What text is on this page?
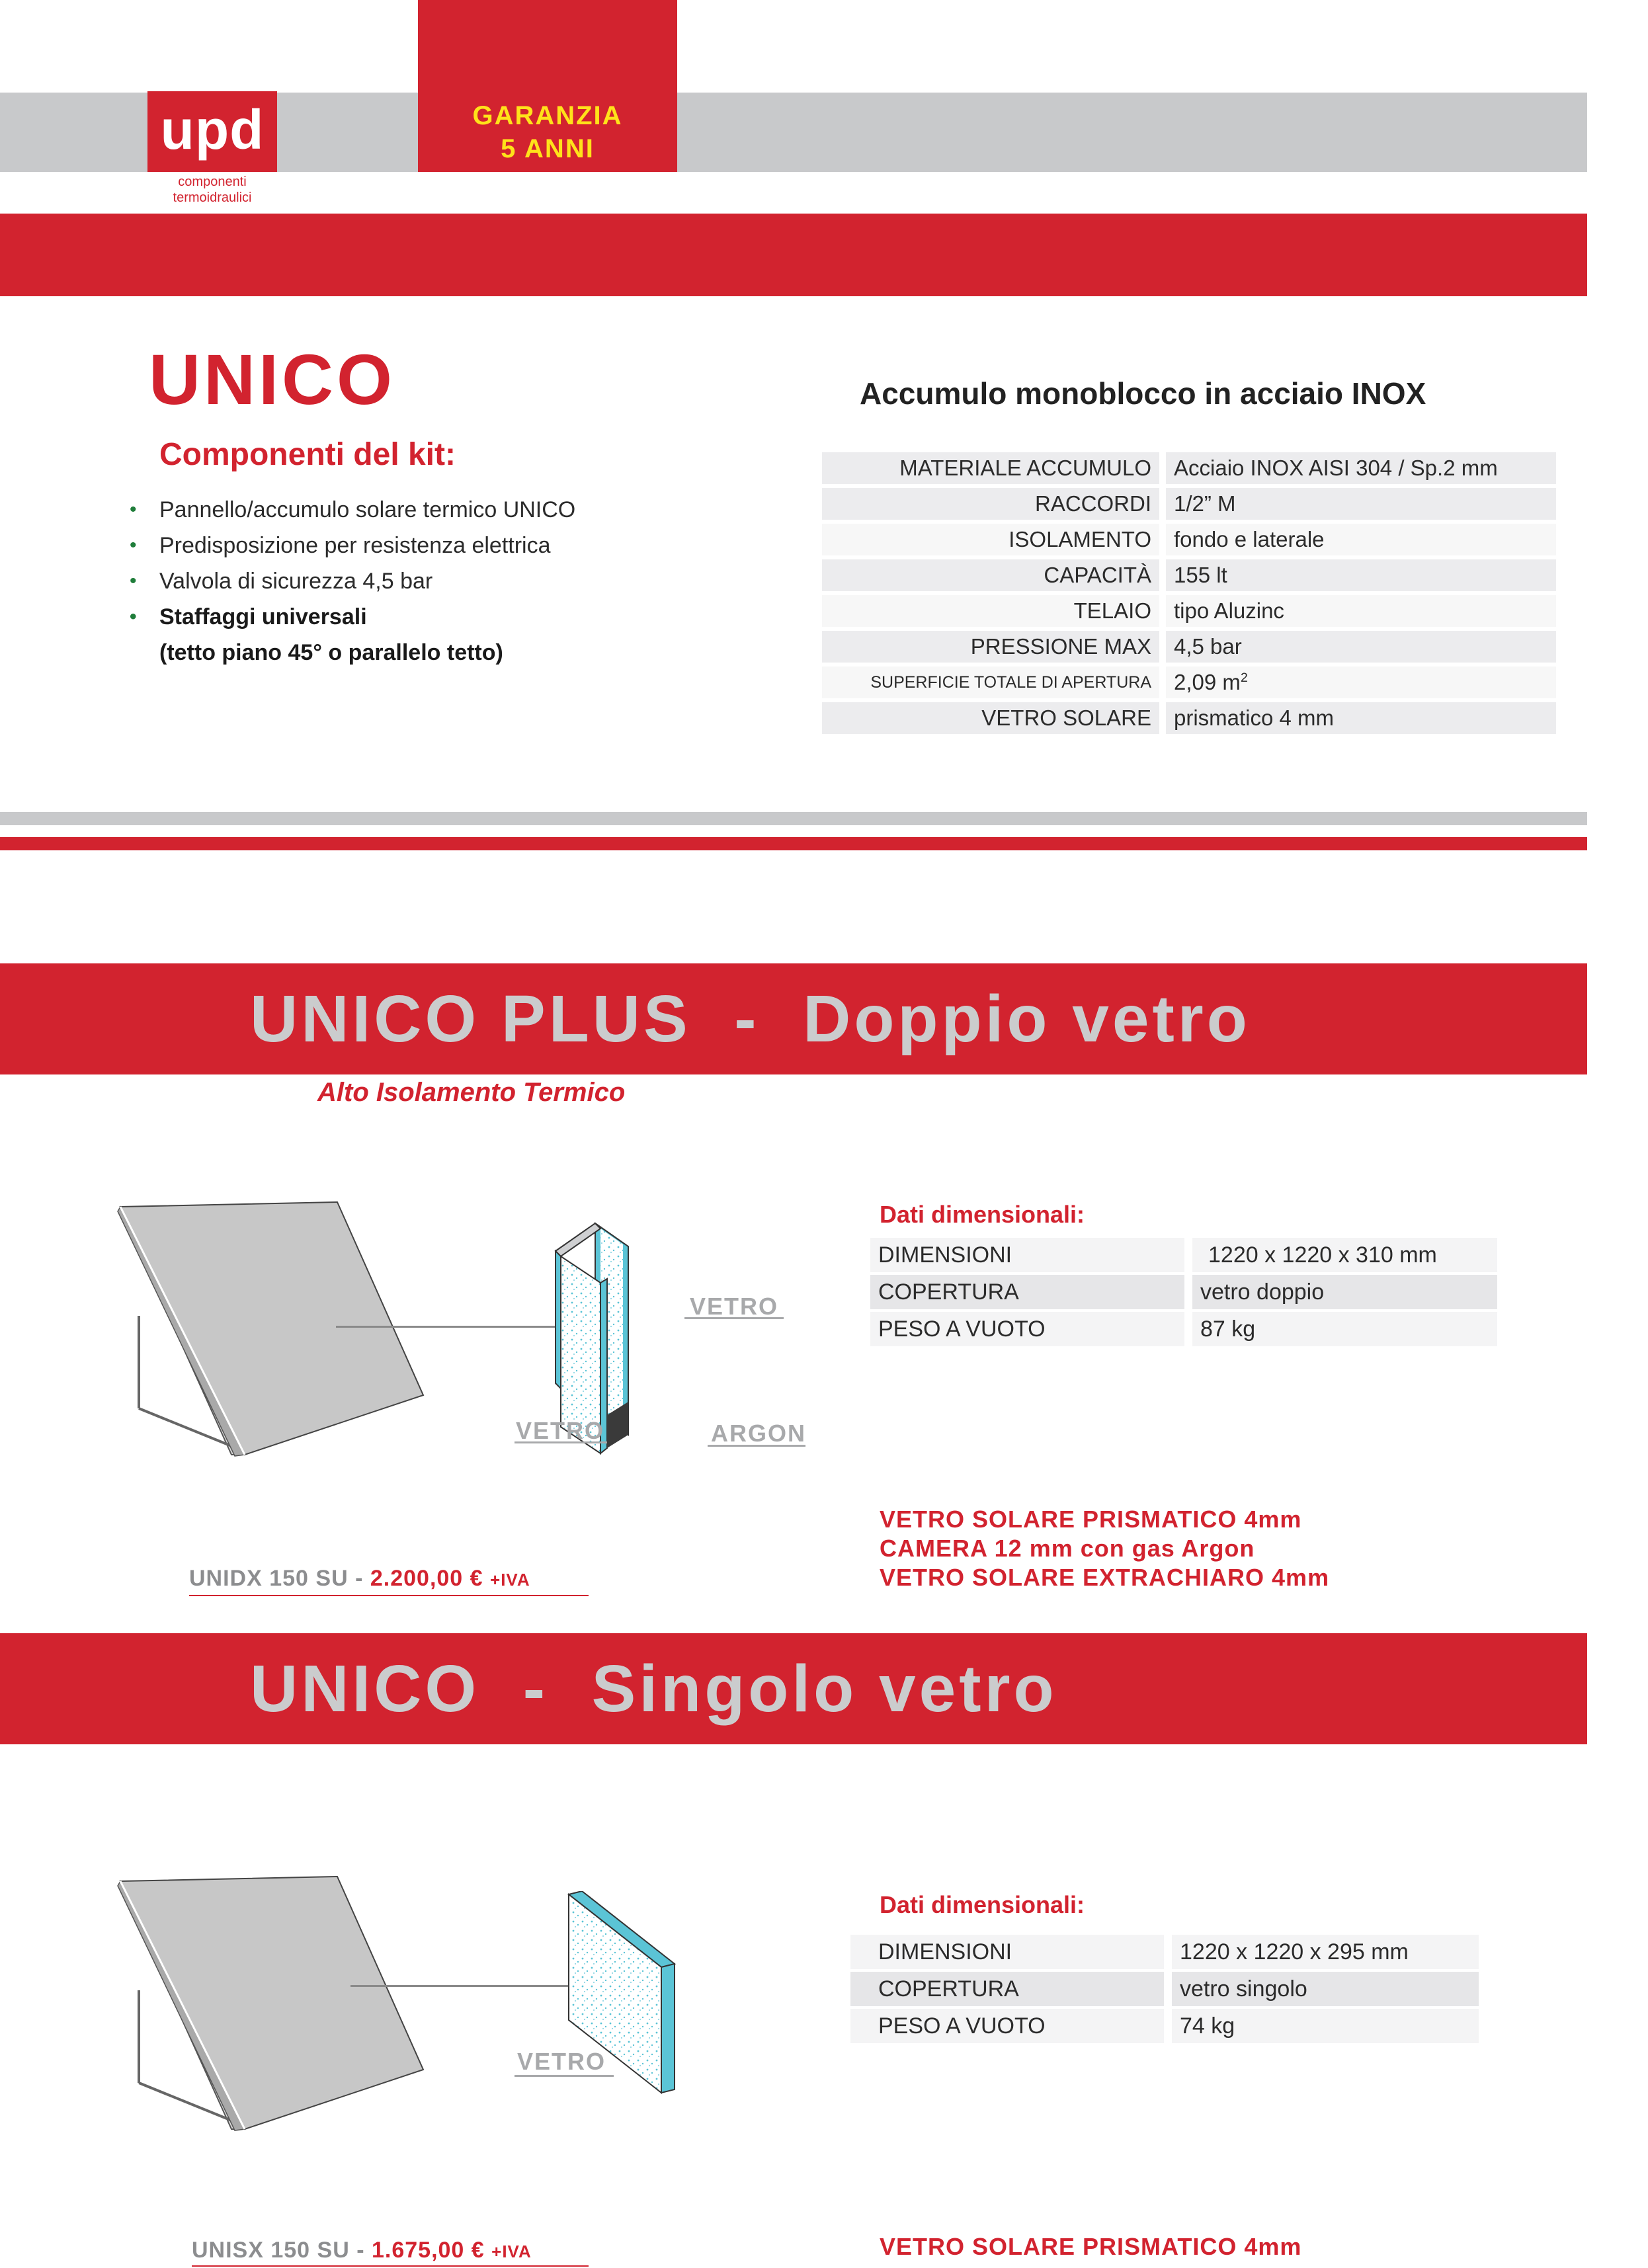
GARANZIA
5 ANNI
upd
componenti
termoidraulici
UNICO
Componenti del kit:
• Pannello/accumulo solare termico UNICO
• Predisposizione per resistenza elettrica
• Valvola di sicurezza 4,5 bar
• Staffaggi universali
(tetto piano 45° o parallelo tetto)
Accumulo monoblocco in acciaio INOX
MATERIALE ACCUMULO		Acciaio INOX AISI 304 / Sp.2 mm
RACCORDI		1/2” M
ISOLAMENTO		fondo e laterale
CAPACITÀ		155 lt
TELAIO		tipo Aluzinc
PRESSIONE MAX		4,5 bar
SUPERFICIE TOTALE DI APERTURA		2,09 $m^2$
VETRO SOLARE		prismatico 4 mm
UNICO PLUS  -  Doppio vetro
Alto Isolamento Termico
VETRO
VETRO	ARGON
Dati dimensionali:
DIMENSIONI		1220 x 1220 x 310 mm
COPERTURA		vetro doppio
PESO A VUOTO		87 kg
VETRO SOLARE PRISMATICO 4mm
CAMERA 12 mm con gas Argon
VETRO SOLARE EXTRACHIARO 4mm
UNIDX 150 SU - 2.200,00 € +IVA
UNICO  -  Singolo vetro
VETRO
Dati dimensionali:
DIMENSIONI		1220 x 1220 x 295 mm
COPERTURA		vetro singolo
PESO A VUOTO		74 kg
VETRO SOLARE PRISMATICO 4mm
UNISX 150 SU - 1.675,00 € +IVA
